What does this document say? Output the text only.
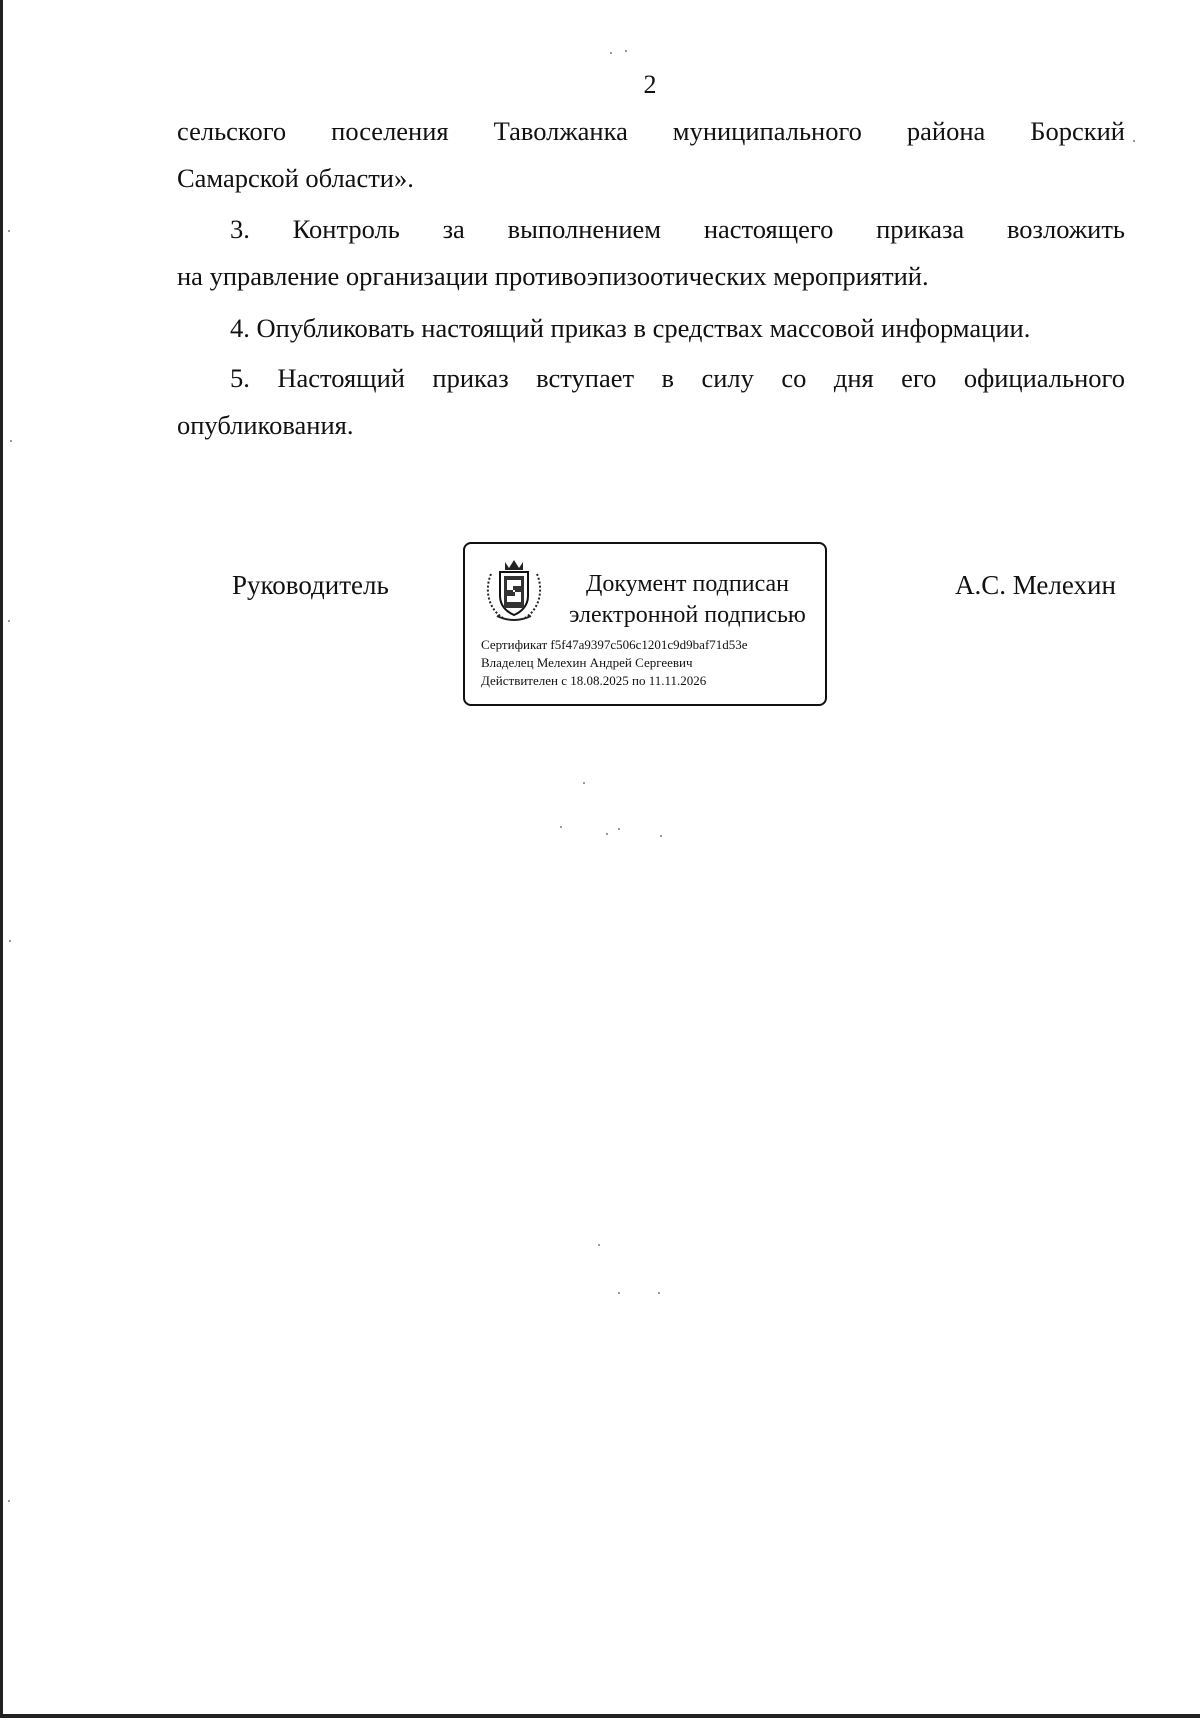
2

сельского поселения Таволжанка муниципального района Борский
Самарской области».

3. Контроль за выполнением настоящего приказа возложить
на управление организации противоэпизоотических мероприятий.

4. Опубликовать настоящий приказ в средствах массовой информации.

5. Настоящий приказ вступает в силу со дня его официального
опубликования.

Руководитель	Документ подписан
электронной подписью
Сертификат f5f47a9397c506c1201c9d9baf71d53e
Владелец Мелехин Андрей Сергеевич
Действителен с 18.08.2025 по 11.11.2026
А.С. Мелехин
